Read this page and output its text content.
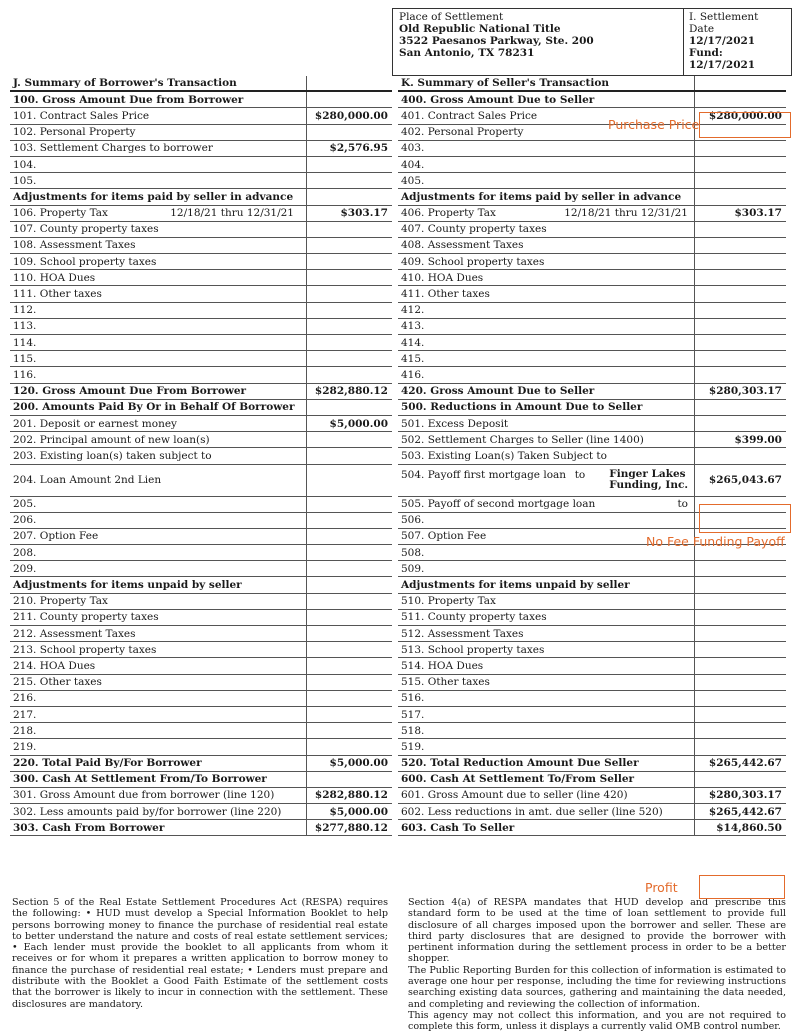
Place of Settlement
Old Republic National Title
3522 Paesanos Parkway, Ste. 200
San Antonio, TX 78231
I. Settlement Date
12/17/2021
Fund: 12/17/2021
J. Summary of Borrower's Transaction
100. Gross Amount Due from Borrower
101. Contract Sales Price	$280,000.00
102. Personal Property
103. Settlement Charges to borrower	$2,576.95
104.
105.
Adjustments for items paid by seller in advance
106. Property Tax	12/18/21 thru 12/31/21	$303.17
107. County property taxes
108. Assessment Taxes
109. School property taxes
110. HOA Dues
111. Other taxes
112.
113.
114.
115.
116.
120. Gross Amount Due From Borrower	$282,880.12
200. Amounts Paid By Or in Behalf Of Borrower
201. Deposit or earnest money	$5,000.00
202. Principal amount of new loan(s)
203. Existing loan(s) taken subject to
204. Loan Amount 2nd Lien
205.
206.
207. Option Fee
208.
209.
Adjustments for items unpaid by seller
210. Property Tax
211. County property taxes
212. Assessment Taxes
213. School property taxes
214. HOA Dues
215. Other taxes
216.
217.
218.
219.
220. Total Paid By/For Borrower	$5,000.00
300. Cash At Settlement From/To Borrower
301. Gross Amount due from borrower (line 120)	$282,880.12
302. Less amounts paid by/for borrower (line 220)	$5,000.00
303. Cash From Borrower	$277,880.12
K. Summary of Seller's Transaction
400. Gross Amount Due to Seller
401. Contract Sales Price	$280,000.00
402. Personal Property
403.
404.
405.
Adjustments for items paid by seller in advance
406. Property Tax	12/18/21 thru 12/31/21	$303.17
407. County property taxes
408. Assessment Taxes
409. School property taxes
410. HOA Dues
411. Other taxes
412.
413.
414.
415.
416.
420. Gross Amount Due to Seller	$280,303.17
500. Reductions in Amount Due to Seller
501. Excess Deposit
502. Settlement Charges to Seller (line 1400)	$399.00
503. Existing Loan(s) Taken Subject to
504. Payoff first mortgage loan to Finger Lakes
Funding, Inc.	$265,043.67
505. Payoff of second mortgage loan	to
506.
507. Option Fee
508.
509.
Adjustments for items unpaid by seller
510. Property Tax
511. County property taxes
512. Assessment Taxes
513. School property taxes
514. HOA Dues
515. Other taxes
516.
517.
518.
519.
520. Total Reduction Amount Due Seller	$265,442.67
600. Cash At Settlement To/From Seller
601. Gross Amount due to seller (line 420)	$280,303.17
602. Less reductions in amt. due seller (line 520)	$265,442.67
603. Cash To Seller	$14,860.50

Section 5 of the Real Estate Settlement Procedures Act (RESPA) requires the following: • HUD must develop a Special Information Booklet to help persons borrowing money to finance the purchase of residential real estate to better understand the nature and costs of real estate settlement services; • Each lender must provide the booklet to all applicants from whom it receives or for whom it prepares a written application to borrow money to finance the purchase of residential real estate; • Lenders must prepare and distribute with the Booklet a Good Faith Estimate of the settlement costs that the borrower is likely to incur in connection with the settlement. These disclosures are mandatory.

Section 4(a) of RESPA mandates that HUD develop and prescribe this standard form to be used at the time of loan settlement to provide full disclosure of all charges imposed upon the borrower and seller. These are third party disclosures that are designed to provide the borrower with pertinent information during the settlement process in order to be a better shopper.

The Public Reporting Burden for this collection of information is estimated to average one hour per response, including the time for reviewing instructions searching existing data sources, gathering and maintaining the data needed, and completing and reviewing the collection of information.

This agency may not collect this information, and you are not required to complete this form, unless it displays a currently valid OMB control number.

Purchase Price
No Fee Funding Payoff
Profit
